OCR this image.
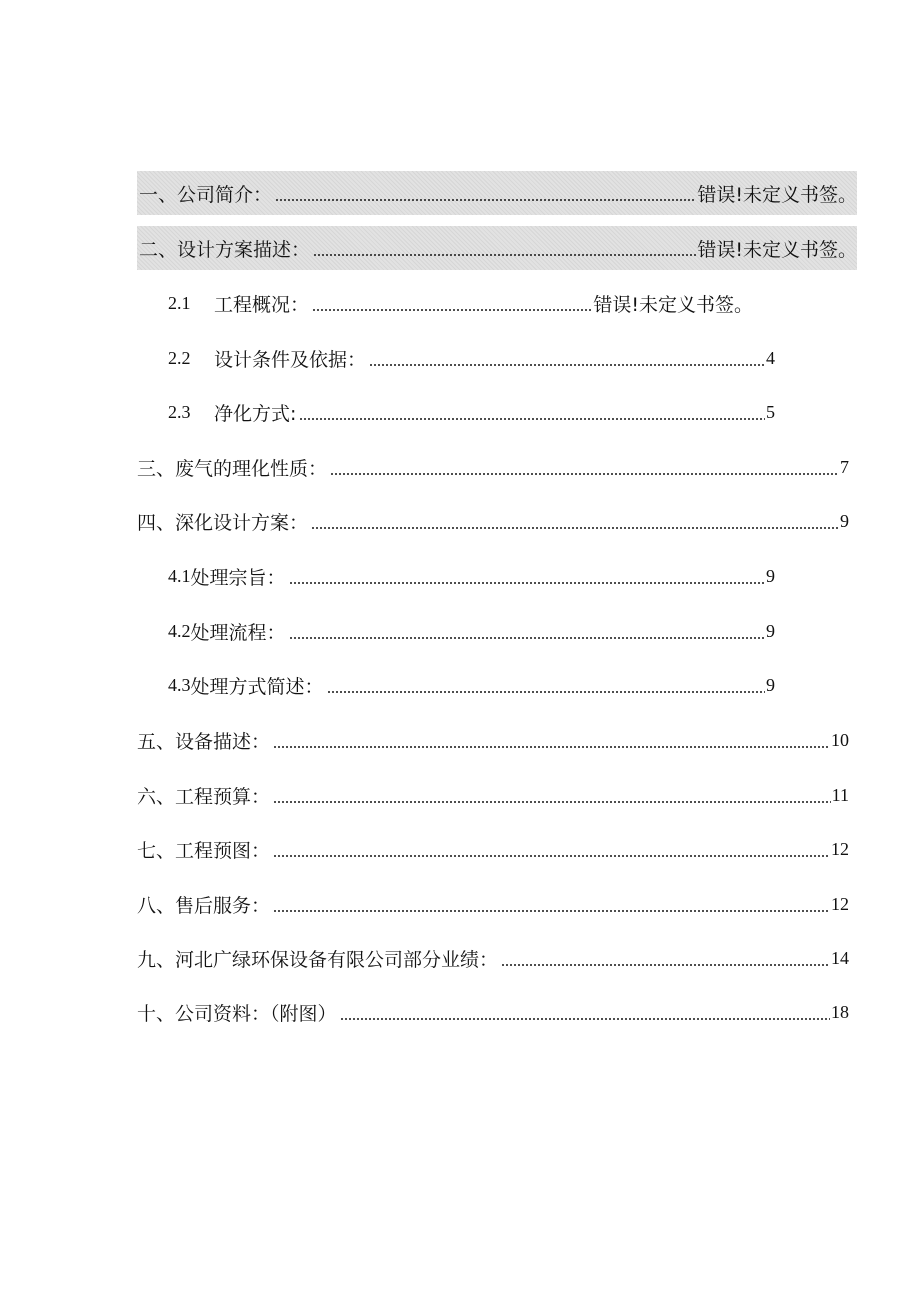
一、公司简介：	错误!未定义书签。
二、设计方案描述：	错误!未定义书签。
2.1	工程概况：	错误!未定义书签。
2.2	设计条件及依据：	4
2.3	净化方式:	5
三、废气的理化性质：	7
四、深化设计方案：	9
4.1 处理宗旨：	9
4.2 处理流程：	9
4.3 处理方式简述：	9
五、设备描述：	10
六、工程预算：	11
七、工程预图：	12
八、售后服务：	12
九、河北广绿环保设备有限公司部分业绩：	14
十、公司资料：（附图）	18
